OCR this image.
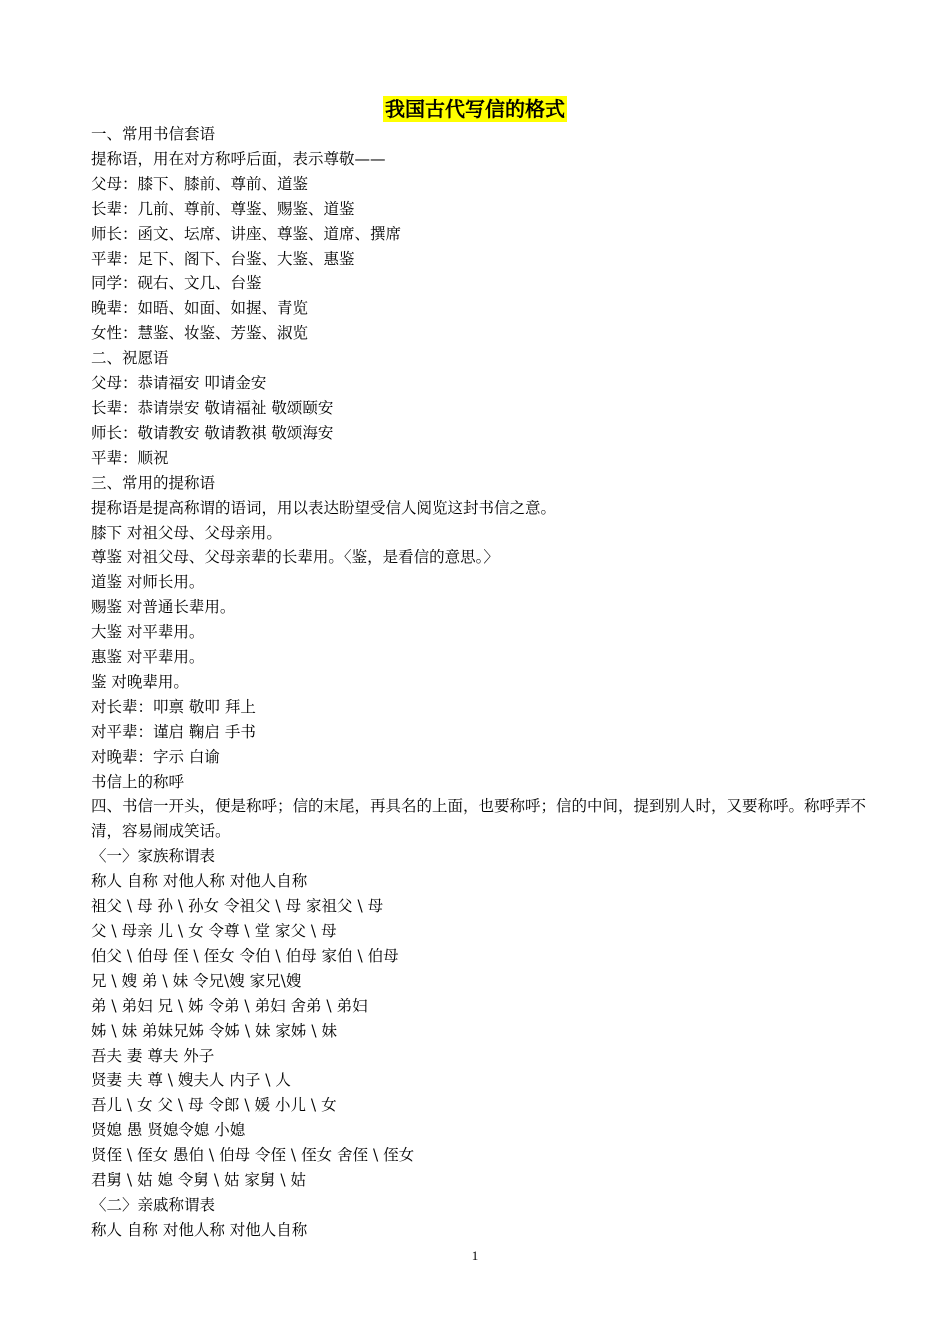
我国古代写信的格式
一、常用书信套语
提称语，用在对方称呼后面，表示尊敬——
父母：膝下、膝前、尊前、道鉴
长辈：几前、尊前、尊鉴、赐鉴、道鉴
师长：函文、坛席、讲座、尊鉴、道席、撰席
平辈：足下、阁下、台鉴、大鉴、惠鉴
同学：砚右、文几、台鉴
晚辈：如晤、如面、如握、青览
女性：慧鉴、妆鉴、芳鉴、淑览
二、祝愿语
父母：恭请福安 叩请金安
长辈：恭请崇安 敬请福祉 敬颂颐安
师长：敬请教安 敬请教祺 敬颂海安
平辈：顺祝
三、常用的提称语
提称语是提高称谓的语词，用以表达盼望受信人阅览这封书信之意。
膝下 对祖父母、父母亲用。
尊鉴 对祖父母、父母亲辈的长辈用。〈鉴，是看信的意思。〉
道鉴 对师长用。
赐鉴 对普通长辈用。
大鉴 对平辈用。
惠鉴 对平辈用。
鉴 对晚辈用。
对长辈：叩禀 敬叩 拜上
对平辈：谨启 鞠启 手书
对晚辈：字示 白谕
书信上的称呼
四、书信一开头，便是称呼；信的末尾，再具名的上面，也要称呼；信的中间，提到别人时，又要称呼。称呼弄不清，容易闹成笑话。
〈一〉家族称谓表
称人 自称 对他人称 对他人自称
祖父 \ 母 孙 \ 孙女 令祖父 \ 母 家祖父 \ 母
父 \ 母亲 儿 \ 女 令尊 \ 堂 家父 \ 母
伯父 \ 伯母 侄 \ 侄女 令伯 \ 伯母 家伯 \ 伯母
兄 \ 嫂 弟 \ 妹 令兄\嫂 家兄\嫂
弟 \ 弟妇 兄 \ 姊 令弟 \ 弟妇 舍弟 \ 弟妇
姊 \ 妹 弟妹兄姊 令姊 \ 妹 家姊 \ 妹
吾夫 妻 尊夫 外子
贤妻 夫 尊 \ 嫂夫人 内子 \ 人
吾儿 \ 女 父 \ 母 令郎 \ 媛 小儿 \ 女
贤媳 愚 贤媳令媳 小媳
贤侄 \ 侄女 愚伯 \ 伯母 令侄 \ 侄女 舍侄 \ 侄女
君舅 \ 姑 媳 令舅 \ 姑 家舅 \ 姑
〈二〉亲戚称谓表
称人 自称 对他人称 对他人自称
1
